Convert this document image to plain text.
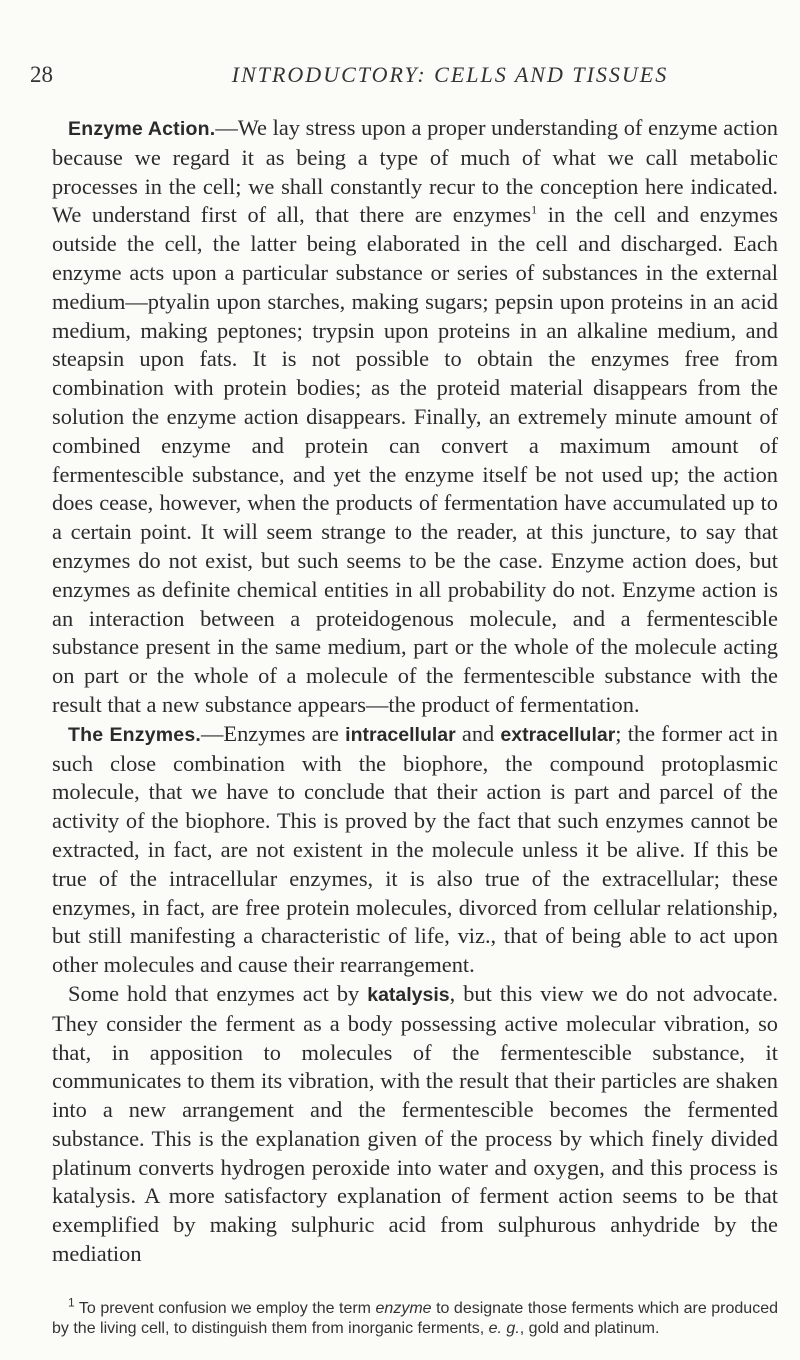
28	INTRODUCTORY: CELLS AND TISSUES

Enzyme Action.—We lay stress upon a proper understanding of enzyme action because we regard it as being a type of much of what we call metabolic processes in the cell; we shall constantly recur to the conception here indicated. We understand first of all, that there are enzymes$^1$ in the cell and enzymes outside the cell, the latter being elaborated in the cell and discharged. Each enzyme acts upon a particular substance or series of substances in the external medium—ptyalin upon starches, making sugars; pepsin upon proteins in an acid medium, making peptones; trypsin upon proteins in an alkaline medium, and steapsin upon fats. It is not possible to obtain the enzymes free from combination with protein bodies; as the proteid material disappears from the solution the enzyme action disappears. Finally, an extremely minute amount of combined enzyme and protein can convert a maximum amount of fermentescible substance, and yet the enzyme itself be not used up; the action does cease, however, when the products of fermentation have accumulated up to a certain point. It will seem strange to the reader, at this juncture, to say that enzymes do not exist, but such seems to be the case. Enzyme action does, but enzymes as definite chemical entities in all probability do not. Enzyme action is an interaction between a proteidogenous molecule, and a fermentescible substance present in the same medium, part or the whole of the molecule acting on part or the whole of a molecule of the fermentescible substance with the result that a new substance appears—the product of fermentation.

The Enzymes.—Enzymes are intracellular and extracellular; the former act in such close combination with the biophore, the compound protoplasmic molecule, that we have to conclude that their action is part and parcel of the activity of the biophore. This is proved by the fact that such enzymes cannot be extracted, in fact, are not existent in the molecule unless it be alive. If this be true of the intracellular enzymes, it is also true of the extracellular; these enzymes, in fact, are free protein molecules, divorced from cellular relationship, but still manifesting a characteristic of life, viz., that of being able to act upon other molecules and cause their rearrangement.

Some hold that enzymes act by katalysis, but this view we do not advocate. They consider the ferment as a body possessing active molecular vibration, so that, in apposition to molecules of the fermentescible substance, it communicates to them its vibration, with the result that their particles are shaken into a new arrangement and the fermentescible becomes the fermented substance. This is the explanation given of the process by which finely divided platinum converts hydrogen peroxide into water and oxygen, and this process is katalysis. A more satisfactory explanation of ferment action seems to be that exemplified by making sulphuric acid from sulphurous anhydride by the mediation

$^1$ To prevent confusion we employ the term enzyme to designate those ferments which are produced by the living cell, to distinguish them from inorganic ferments, e. g., gold and platinum.
